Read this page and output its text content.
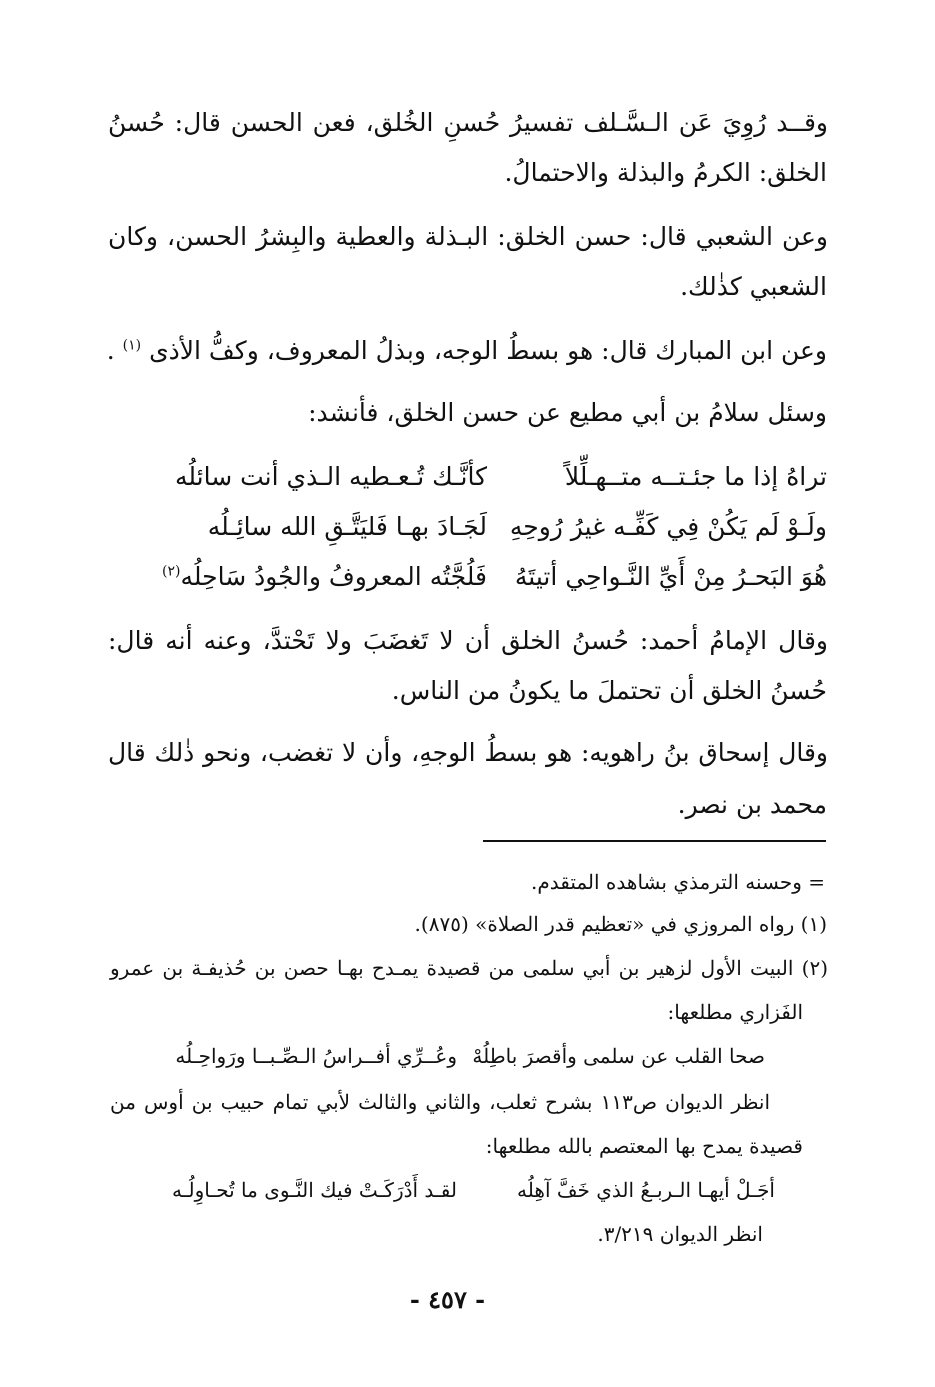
وقــد رُوِيَ عَن الـسَّـلف تفسيرُ حُسنِ الخُلق، فعن الحسن قال: حُسنُ
الخلق: الكرمُ والبذلة والاحتمالُ.
وعن الشعبي قال: حسن الخلق: البـذلة والعطية والبِشرُ الحسن، وكان
الشعبي كذٰلك.
وعن ابن المبارك قال: هو بسطُ الوجه، وبذلُ المعروف، وكفُّ الأذى $^{(١)}$ .
وسئل سلامُ بن أبي مطيع عن حسن الخلق، فأنشد:
تراهُ إذا ما جئـتــه متــهـلِّلاً
كأنَّـك تُـعـطيه الـذي أنت سائلُه
ولَـوْ لَم يَكُنْ فِي كَفِّـه غيرُ رُوحِهِ
لَجَـادَ بهـا فَليَتَّـقِ الله سائِـلُه
هُوَ البَحـرُ مِنْ أَيِّ النَّـواحِي أتيتَهُ
فَلُجَّتُه المعروفُ والجُودُ سَاحِلُه$^{(٢)}$
وقال الإمامُ أحمد: حُسنُ الخلق أن لا تَغضَبَ ولا تَحْتدَّ، وعنه أنه قال:
حُسنُ الخلق أن تحتملَ ما يكونُ من الناس.
وقال إسحاق بنُ راهويه: هو بسطُ الوجهِ، وأن لا تغضب، ونحو ذٰلك قال
محمد بن نصر.
= وحسنه الترمذي بشاهده المتقدم.
(١) رواه المروزي في «تعظيم قدر الصلاة» (٨٧٥).
(٢) البيت الأول لزهير بن أبي سلمى من قصيدة يمـدح بهـا حصن بن حُذيفـة بن عمرو
الفَزاري مطلعها:
صحا القلب عن سلمى وأقصرَ باطِلُهْ
وعُــرِّي أفــراسُ الـصِّـبــا ورَواحِـلُه
انظر الديوان ص١١٣ بشرح ثعلب، والثاني والثالث لأبي تمام حبيب بن أوس من
قصيدة يمدح بها المعتصم بالله مطلعها:
أجَـلْ أيهـا الـربـعُ الذي خَفَّ آهِلُه
لقـد أَدْرَكَـتْ فيك النَّـوى ما تُحـاوِلُـه
انظر الديوان ٣/٢١٩.
- ٤٥٧ -
